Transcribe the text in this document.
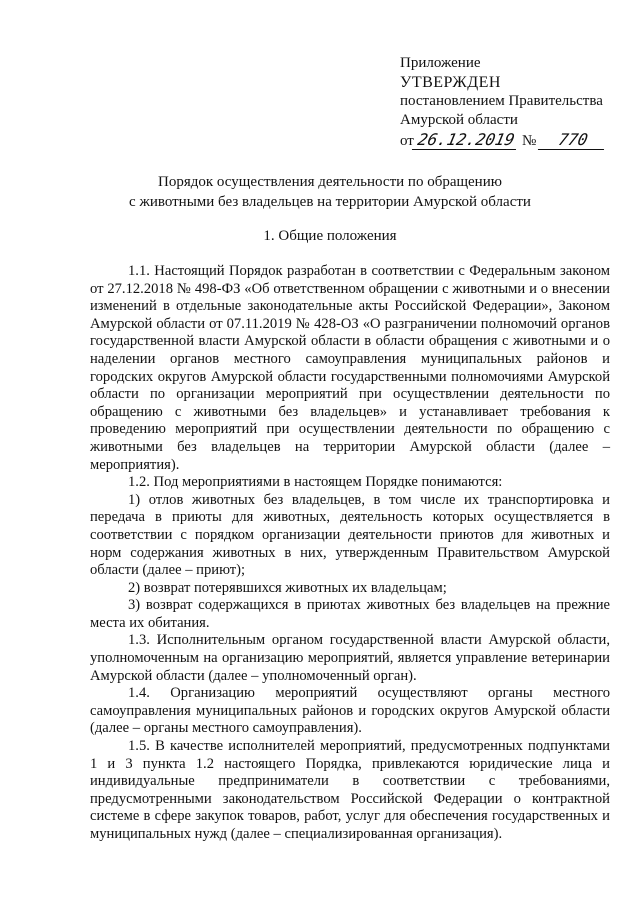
Приложение
УТВЕРЖДЕН
постановлением Правительства
Амурской области
от 26.12.2019 № 770
Порядок осуществления деятельности по обращению
с животными без владельцев на территории Амурской области
1. Общие положения

1.1. Настоящий Порядок разработан в соответствии с Федеральным законом от 27.12.2018 № 498-ФЗ «Об ответственном обращении с животными и о внесении изменений в отдельные законодательные акты Российской Федерации», Законом Амурской области от 07.11.2019 № 428-ОЗ «О разграничении полномочий органов государственной власти Амурской области в области обращения с животными и о наделении органов местного самоуправления муниципальных районов и городских округов Амурской области государственными полномочиями Амурской области по организации мероприятий при осуществлении деятельности по обращению с животными без владельцев» и устанавливает требования к проведению мероприятий при осуществлении деятельности по обращению с животными без владельцев на территории Амурской области (далее – мероприятия).

1.2. Под мероприятиями в настоящем Порядке понимаются:

1) отлов животных без владельцев, в том числе их транспортировка и передача в приюты для животных, деятельность которых осуществляется в соответствии с порядком организации деятельности приютов для животных и норм содержания животных в них, утвержденным Правительством Амурской области (далее – приют);

2) возврат потерявшихся животных их владельцам;

3) возврат содержащихся в приютах животных без владельцев на прежние места их обитания.

1.3. Исполнительным органом государственной власти Амурской области, уполномоченным на организацию мероприятий, является управление ветеринарии Амурской области (далее – уполномоченный орган).

1.4. Организацию мероприятий осуществляют органы местного самоуправления муниципальных районов и городских округов Амурской области (далее – органы местного самоуправления).

1.5. В качестве исполнителей мероприятий, предусмотренных подпунктами 1 и 3 пункта 1.2 настоящего Порядка, привлекаются юридические лица и индивидуальные предприниматели в соответствии с требованиями, предусмотренными законодательством Российской Федерации о контрактной системе в сфере закупок товаров, работ, услуг для обеспечения государственных и муниципальных нужд (далее – специализированная организация).
